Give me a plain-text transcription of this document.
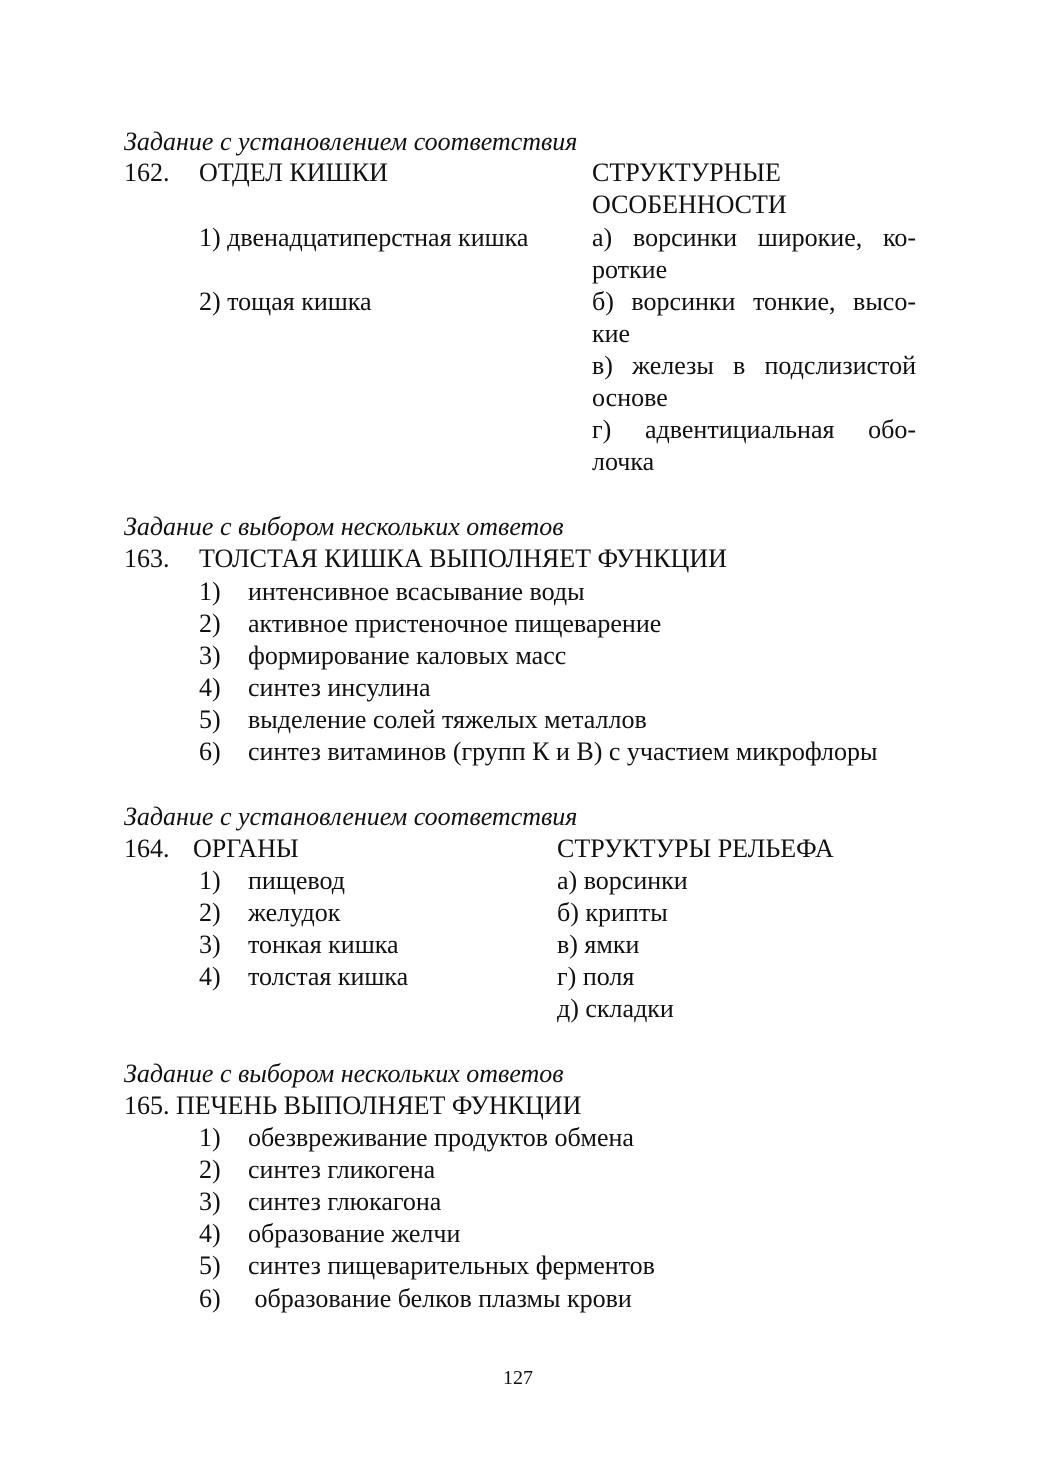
Задание с установлением соответствия
162. ОТДЕЛ КИШКИ	СТРУКТУРНЫЕ
ОСОБЕННОСТИ
1) двенадцатиперстная кишка
2) тощая кишка
а) ворсинки широкие, ко-роткие
б) ворсинки тонкие, высо-кие
в) железы в подслизистой основе
г) адвентициальная обо-лочка
Задание с выбором нескольких ответов
163. ТОЛСТАЯ КИШКА ВЫПОЛНЯЕТ ФУНКЦИИ
1) интенсивное всасывание воды
2) активное пристеночное пищеварение
3) формирование каловых масс
4) синтез инсулина
5) выделение солей тяжелых металлов
6) синтез витаминов (групп К и В) с участием микрофлоры
Задание с установлением соответствия
164. ОРГАНЫ	СТРУКТУРЫ РЕЛЬЕФА
1) пищевод
2) желудок
3) тонкая кишка
4) толстая кишка
а) ворсинки
б) крипты
в) ямки
г) поля
д) складки
Задание с выбором нескольких ответов
165. ПЕЧЕНЬ ВЫПОЛНЯЕТ ФУНКЦИИ
1) обезвреживание продуктов обмена
2) синтез гликогена
3) синтез глюкагона
4) образование желчи
5) синтез пищеварительных ферментов
6) образование белков плазмы крови
127
